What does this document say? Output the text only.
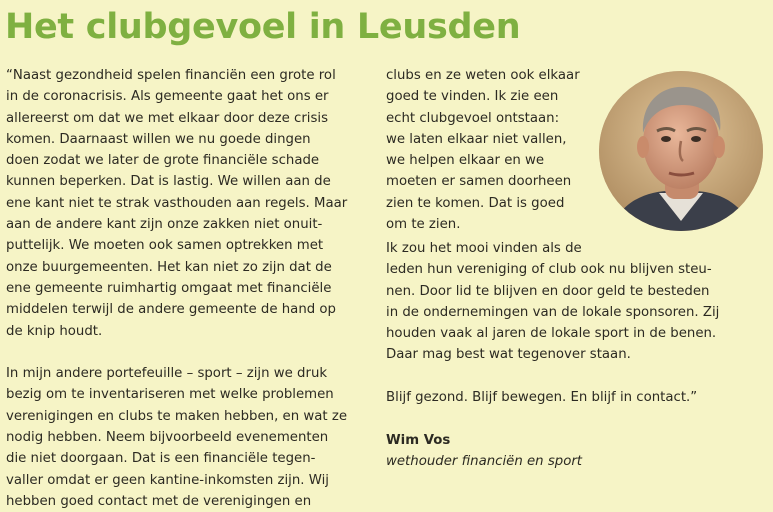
Het clubgevoel in Leusden
“Naast gezondheid spelen financiën een grote rol
in de coronacrisis. Als gemeente gaat het ons er
allereerst om dat we met elkaar door deze crisis
komen. Daarnaast willen we nu goede dingen
doen zodat we later de grote financiële schade
kunnen beperken. Dat is lastig. We willen aan de
ene kant niet te strak vasthouden aan regels. Maar
aan de andere kant zijn onze zakken niet onuit-
puttelijk. We moeten ook samen optrekken met
onze buurgemeenten. Het kan niet zo zijn dat de
ene gemeente ruimhartig omgaat met financiële
middelen terwijl de andere gemeente de hand op
de knip houdt.
In mijn andere portefeuille – sport – zijn we druk
bezig om te inventariseren met welke problemen
verenigingen en clubs te maken hebben, en wat ze
nodig hebben. Neem bijvoorbeeld evenementen
die niet doorgaan. Dat is een financiële tegen-
valler omdat er geen kantine-inkomsten zijn. Wij
hebben goed contact met de verenigingen en
clubs en ze weten ook elkaar
goed te vinden. Ik zie een
echt clubgevoel ontstaan:
we laten elkaar niet vallen,
we helpen elkaar en we
moeten er samen doorheen
zien te komen. Dat is goed
om te zien.
Ik zou het mooi vinden als de
leden hun vereniging of club ook nu blijven steu-
nen. Door lid te blijven en door geld te besteden
in de ondernemingen van de lokale sponsoren. Zij
houden vaak al jaren de lokale sport in de benen.
Daar mag best wat tegenover staan.
Blijf gezond. Blijf bewegen. En blijf in contact.”
Wim Vos
wethouder financiën en sport
